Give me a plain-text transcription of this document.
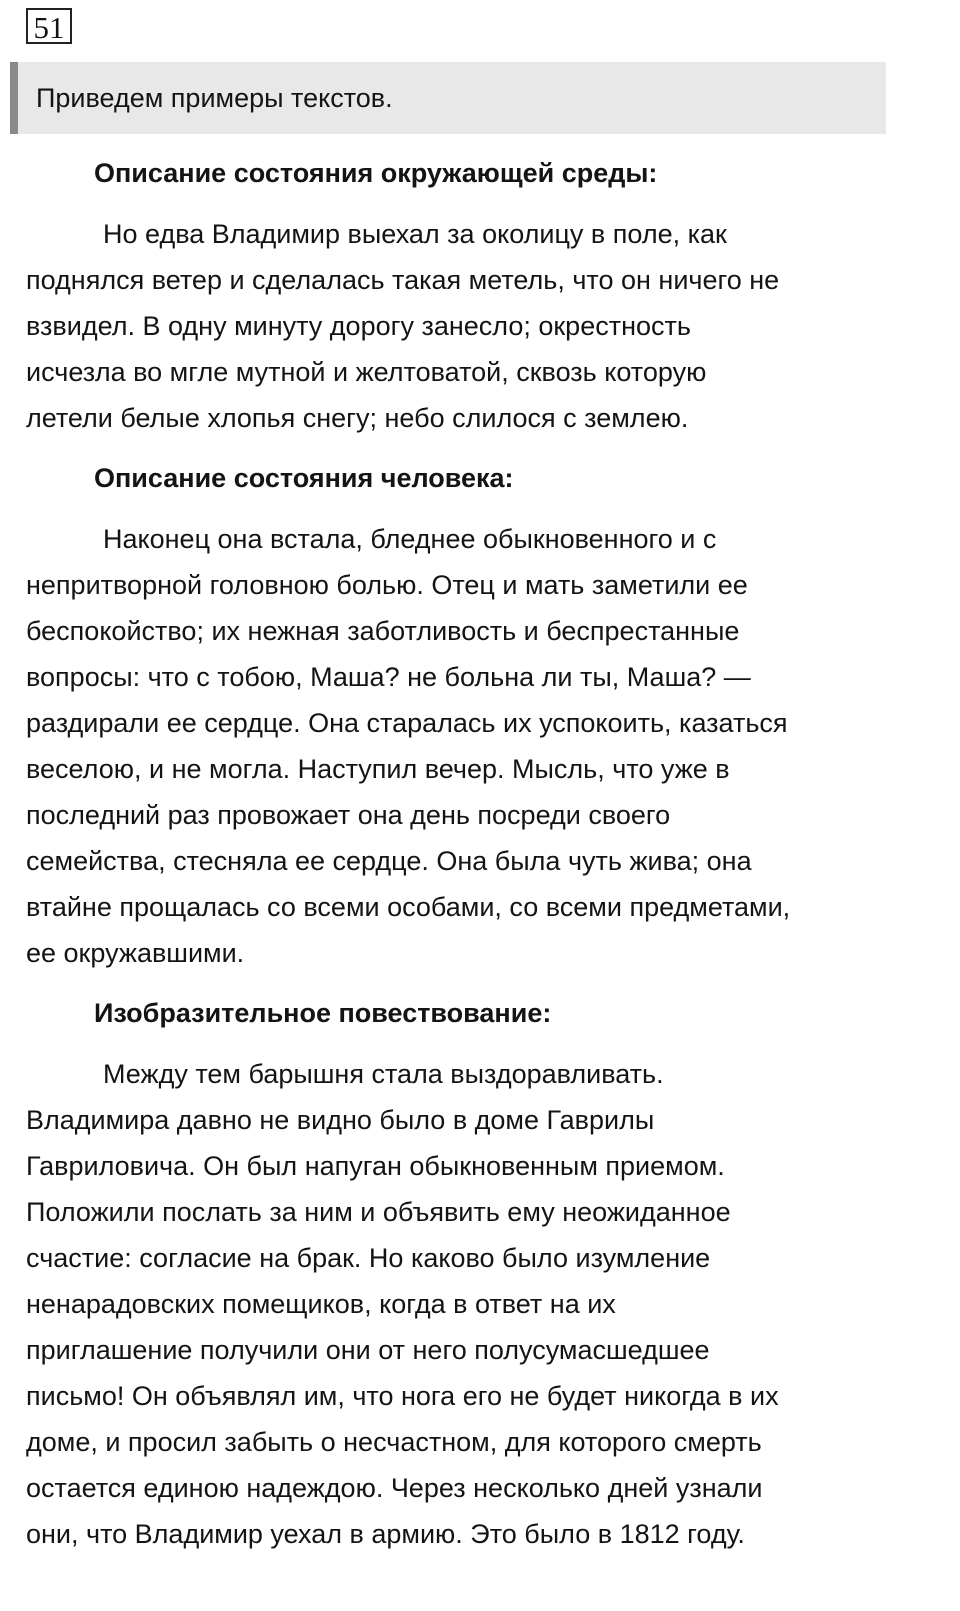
51
Приведем примеры текстов.
Описание состояния окружающей среды:
Но едва Владимир выехал за околицу в поле, как
поднялся ветер и сделалась такая метель, что он ничего не
взвидел. В одну минуту дорогу занесло; окрестность
исчезла во мгле мутной и желтоватой, сквозь которую
летели белые хлопья снегу; небо слилося с землею.
Описание состояния человека:
Наконец она встала, бледнее обыкновенного и с
непритворной головною болью. Отец и мать заметили ее
беспокойство; их нежная заботливость и беспрестанные
вопросы: что с тобою, Маша? не больна ли ты, Маша? —
раздирали ее сердце. Она старалась их успокоить, казаться
веселою, и не могла. Наступил вечер. Мысль, что уже в
последний раз провожает она день посреди своего
семейства, стесняла ее сердце. Она была чуть жива; она
втайне прощалась со всеми особами, со всеми предметами,
ее окружавшими.
Изобразительное повествование:
Между тем барышня стала выздоравливать.
Владимира давно не видно было в доме Гаврилы
Гавриловича. Он был напуган обыкновенным приемом.
Положили послать за ним и объявить ему неожиданное
счастие: согласие на брак. Но каково было изумление
ненарадовских помещиков, когда в ответ на их
приглашение получили они от него полусумасшедшее
письмо! Он объявлял им, что нога его не будет никогда в их
доме, и просил забыть о несчастном, для которого смерть
остается единою надеждою. Через несколько дней узнали
они, что Владимир уехал в армию. Это было в 1812 году.
